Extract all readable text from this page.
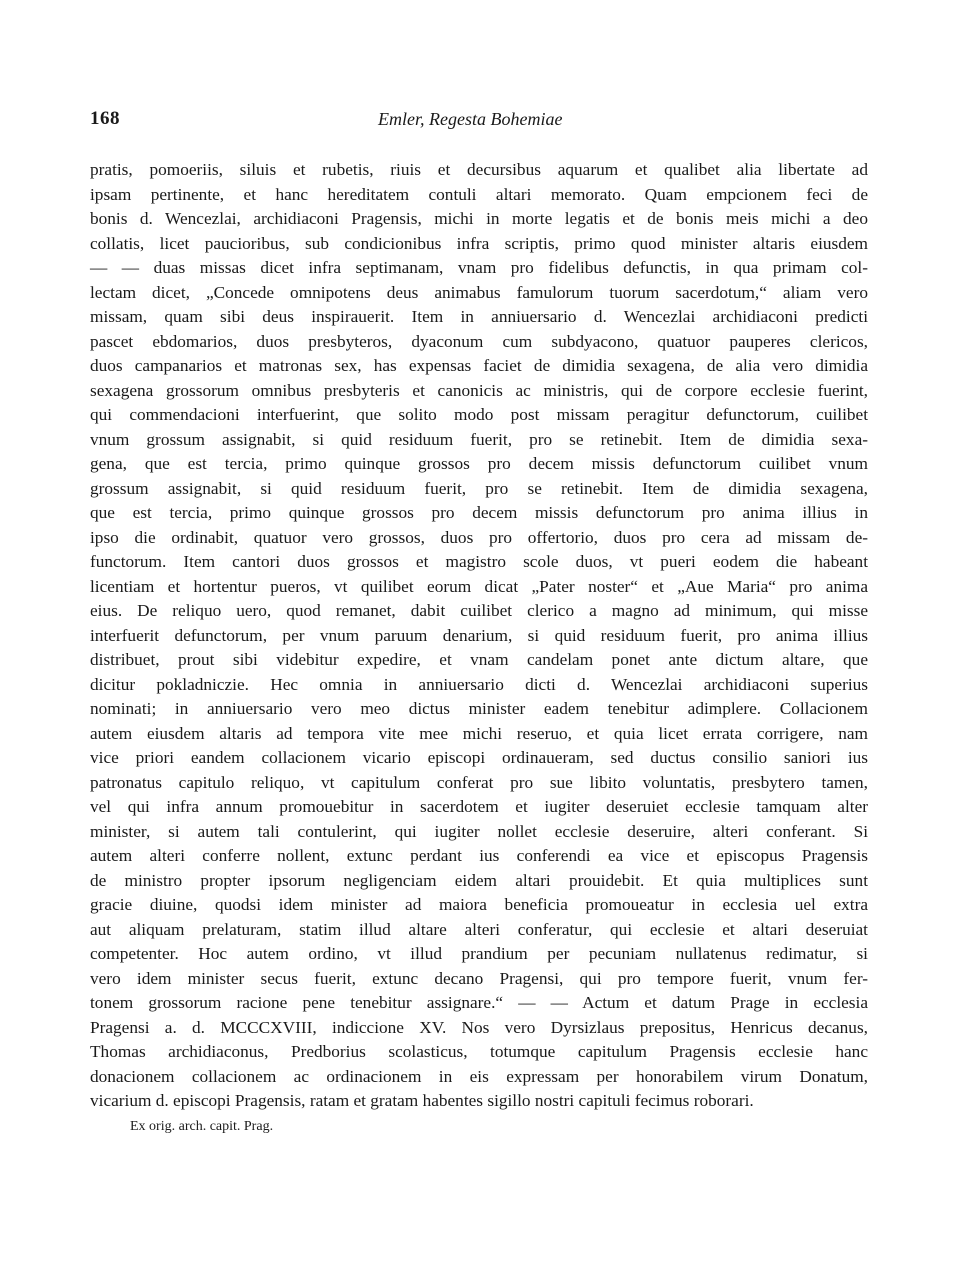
168	Emler, Regesta Bohemiae
pratis, pomoeriis, siluis et rubetis, riuis et decursibus aquarum et qualibet alia libertate ad
ipsam pertinente, et hanc hereditatem contuli altari memorato. Quam empcionem feci de
bonis d. Wencezlai, archidiaconi Pragensis, michi in morte legatis et de bonis meis michi a deo
collatis, licet paucioribus, sub condicionibus infra scriptis, primo quod minister altaris eiusdem
— — duas missas dicet infra septimanam, vnam pro fidelibus defunctis, in qua primam col-
lectam dicet, „Concede omnipotens deus animabus famulorum tuorum sacerdotum,“ aliam vero
missam, quam sibi deus inspirauerit. Item in anniuersario d. Wencezlai archidiaconi predicti
pascet ebdomarios, duos presbyteros, dyaconum cum subdyacono, quatuor pauperes clericos,
duos campanarios et matronas sex, has expensas faciet de dimidia sexagena, de alia vero dimidia
sexagena grossorum omnibus presbyteris et canonicis ac ministris, qui de corpore ecclesie fuerint,
qui commendacioni interfuerint, que solito modo post missam peragitur defunctorum, cuilibet
vnum grossum assignabit, si quid residuum fuerit, pro se retinebit. Item de dimidia sexa-
gena, que est tercia, primo quinque grossos pro decem missis defunctorum cuilibet vnum
grossum assignabit, si quid residuum fuerit, pro se retinebit. Item de dimidia sexagena,
que est tercia, primo quinque grossos pro decem missis defunctorum pro anima illius in
ipso die ordinabit, quatuor vero grossos, duos pro offertorio, duos pro cera ad missam de-
functorum. Item cantori duos grossos et magistro scole duos, vt pueri eodem die habeant
licentiam et hortentur pueros, vt quilibet eorum dicat „Pater noster“ et „Aue Maria“ pro anima
eius. De reliquo uero, quod remanet, dabit cuilibet clerico a magno ad minimum, qui misse
interfuerit defunctorum, per vnum paruum denarium, si quid residuum fuerit, pro anima illius
distribuet, prout sibi videbitur expedire, et vnam candelam ponet ante dictum altare, que
dicitur pokladniczie. Hec omnia in anniuersario dicti d. Wencezlai archidiaconi superius
nominati; in anniuersario vero meo dictus minister eadem tenebitur adimplere. Collacionem
autem eiusdem altaris ad tempora vite mee michi reseruo, et quia licet errata corrigere, nam
vice priori eandem collacionem vicario episcopi ordinaueram, sed ductus consilio saniori ius
patronatus capitulo reliquo, vt capitulum conferat pro sue libito voluntatis, presbytero tamen,
vel qui infra annum promouebitur in sacerdotem et iugiter deseruiet ecclesie tamquam alter
minister, si autem tali contulerint, qui iugiter nollet ecclesie deseruire, alteri conferant. Si
autem alteri conferre nollent, extunc perdant ius conferendi ea vice et episcopus Pragensis
de ministro propter ipsorum negligenciam eidem altari prouidebit. Et quia multiplices sunt
gracie diuine, quodsi idem minister ad maiora beneficia promoueatur in ecclesia uel extra
aut aliquam prelaturam, statim illud altare alteri conferatur, qui ecclesie et altari deseruiat
competenter. Hoc autem ordino, vt illud prandium per pecuniam nullatenus redimatur, si
vero idem minister secus fuerit, extunc decano Pragensi, qui pro tempore fuerit, vnum fer-
tonem grossorum racione pene tenebitur assignare.“ — — Actum et datum Prage in ecclesia
Pragensi a. d. MCCCXVIII, indiccione XV. Nos vero Dyrsizlaus prepositus, Henricus decanus,
Thomas archidiaconus, Predborius scolasticus, totumque capitulum Pragensis ecclesie hanc
donacionem collacionem ac ordinacionem in eis expressam per honorabilem virum Donatum,
vicarium d. episcopi Pragensis, ratam et gratam habentes sigillo nostri capituli fecimus roborari.
Ex orig. arch. capit. Prag.
